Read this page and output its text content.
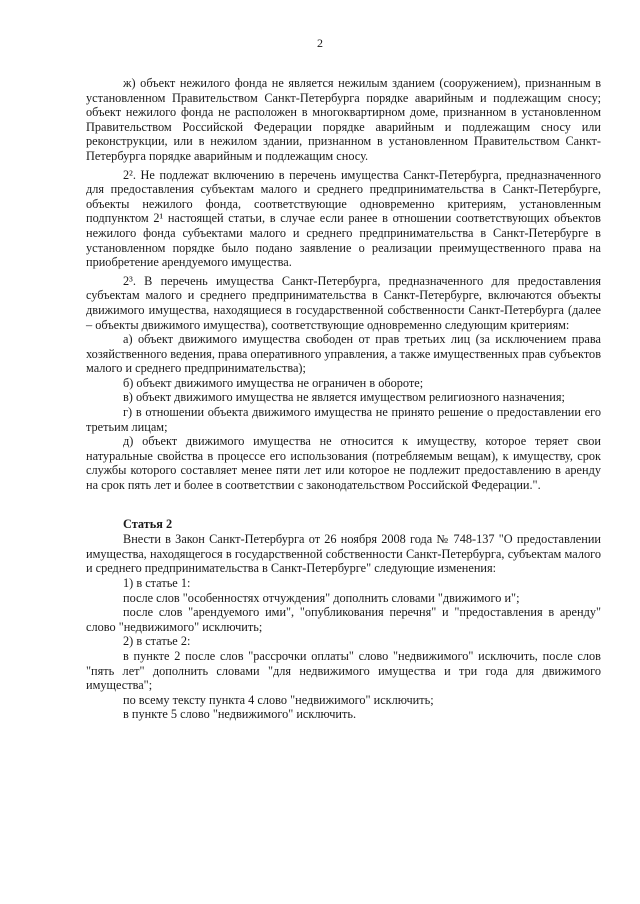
2

ж) объект нежилого фонда не является нежилым зданием (сооружением), признанным в установленном Правительством Санкт-Петербурга порядке аварийным и подлежащим сносу; объект нежилого фонда не расположен в многоквартирном доме, признанном в установленном Правительством Российской Федерации порядке аварийным и подлежащим сносу или реконструкции, или в нежилом здании, признанном в установленном Правительством Санкт-Петербурга порядке аварийным и подлежащим сносу.

2². Не подлежат включению в перечень имущества Санкт-Петербурга, предназначенного для предоставления субъектам малого и среднего предпринимательства в Санкт-Петербурге, объекты нежилого фонда, соответствующие одновременно критериям, установленным подпунктом 2¹ настоящей статьи, в случае если ранее в отношении соответствующих объектов нежилого фонда субъектами малого и среднего предпринимательства в Санкт-Петербурге в установленном порядке было подано заявление о реализации преимущественного права на приобретение арендуемого имущества.

2³. В перечень имущества Санкт-Петербурга, предназначенного для предоставления субъектам малого и среднего предпринимательства в Санкт-Петербурге, включаются объекты движимого имущества, находящиеся в государственной собственности Санкт-Петербурга (далее – объекты движимого имущества), соответствующие одновременно следующим критериям:

а) объект движимого имущества свободен от прав третьих лиц (за исключением права хозяйственного ведения, права оперативного управления, а также имущественных прав субъектов малого и среднего предпринимательства);

б) объект движимого имущества не ограничен в обороте;

в) объект движимого имущества не является имуществом религиозного назначения;

г) в отношении объекта движимого имущества не принято решение о предоставлении его третьим лицам;

д) объект движимого имущества не относится к имуществу, которое теряет свои натуральные свойства в процессе его использования (потребляемым вещам), к имуществу, срок службы которого составляет менее пяти лет или которое не подлежит предоставлению в аренду на срок пять лет и более в соответствии с законодательством Российской Федерации.".

Статья 2

Внести в Закон Санкт-Петербурга от 26 ноября 2008 года № 748-137 "О предоставлении имущества, находящегося в государственной собственности Санкт-Петербурга, субъектам малого и среднего предпринимательства в Санкт-Петербурге" следующие изменения:

1) в статье 1:

после слов "особенностях отчуждения" дополнить словами "движимого и";

после слов "арендуемого ими", "опубликования перечня" и "предоставления в аренду" слово "недвижимого" исключить;

2) в статье 2:

в пункте 2 после слов "рассрочки оплаты" слово "недвижимого" исключить, после слов "пять лет" дополнить словами "для недвижимого имущества и три года для движимого имущества";

по всему тексту пункта 4 слово "недвижимого" исключить;

в пункте 5 слово "недвижимого" исключить.
